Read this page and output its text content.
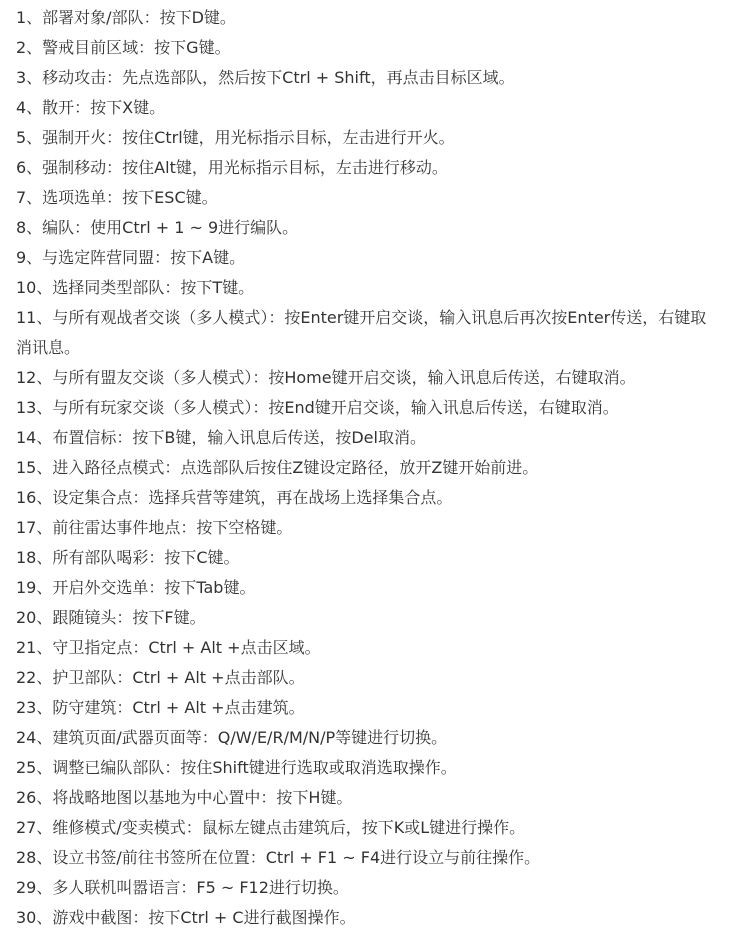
1、部署对象/部队：按下D键。

2、警戒目前区域：按下G键。

3、移动攻击：先点选部队，然后按下Ctrl + Shift，再点击目标区域。

4、散开：按下X键。

5、强制开火：按住Ctrl键，用光标指示目标，左击进行开火。

6、强制移动：按住Alt键，用光标指示目标，左击进行移动。

7、选项选单：按下ESC键。

8、编队：使用Ctrl + 1 ~ 9进行编队。

9、与选定阵营同盟：按下A键。

10、选择同类型部队：按下T键。

11、与所有观战者交谈（多人模式）：按Enter键开启交谈，输入讯息后再次按Enter传送，右键取消讯息。

12、与所有盟友交谈（多人模式）：按Home键开启交谈，输入讯息后传送，右键取消。

13、与所有玩家交谈（多人模式）：按End键开启交谈，输入讯息后传送，右键取消。

14、布置信标：按下B键，输入讯息后传送，按Del取消。

15、进入路径点模式：点选部队后按住Z键设定路径，放开Z键开始前进。

16、设定集合点：选择兵营等建筑，再在战场上选择集合点。

17、前往雷达事件地点：按下空格键。

18、所有部队喝彩：按下C键。

19、开启外交选单：按下Tab键。

20、跟随镜头：按下F键。

21、守卫指定点：Ctrl + Alt +点击区域。

22、护卫部队：Ctrl + Alt +点击部队。

23、防守建筑：Ctrl + Alt +点击建筑。

24、建筑页面/武器页面等：Q/W/E/R/M/N/P等键进行切换。

25、调整已编队部队：按住Shift键进行选取或取消选取操作。

26、将战略地图以基地为中心置中：按下H键。

27、维修模式/变卖模式：鼠标左键点击建筑后，按下K或L键进行操作。

28、设立书签/前往书签所在位置：Ctrl + F1 ~ F4进行设立与前往操作。

29、多人联机叫嚣语言：F5 ~ F12进行切换。

30、游戏中截图：按下Ctrl + C进行截图操作。
